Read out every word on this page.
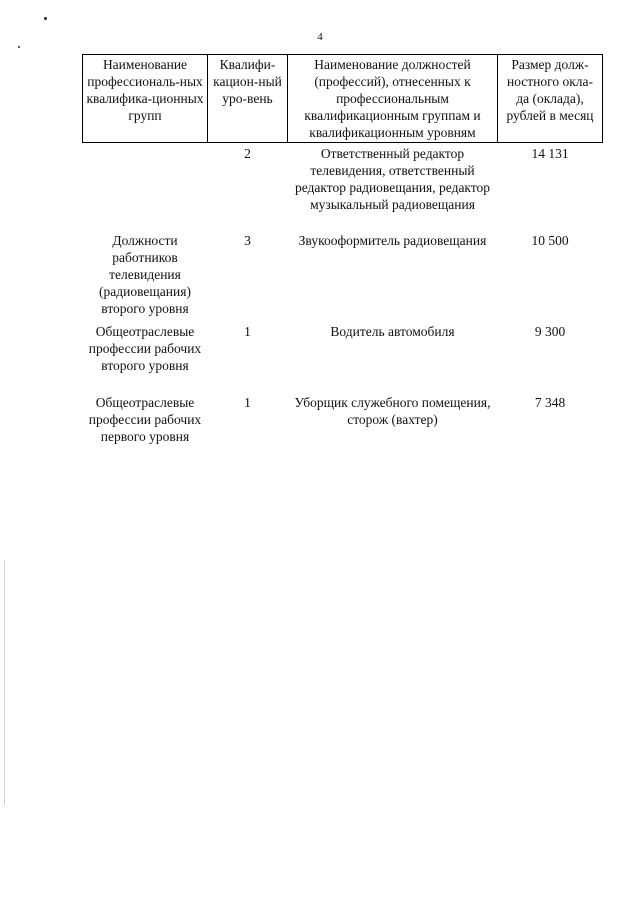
4
Наименование профессиональ-ных квалифика-ционных групп	Квалифи-кацион-ный уро-вень	Наименование должностей (профессий), отнесенных к профессиональным квалификационным группам и квалификационным уровням	Размер долж-ностного окла-да (оклада), рублей в месяц
	2	Ответственный редактор телевидения, ответственный редактор радиовещания, редактор музыкальный радиовещания	14 131
Должности работников телевидения (радиовещания) второго уровня	3	Звукооформитель радиовещания	10 500
Общеотраслевые профессии рабочих второго уровня	1	Водитель автомобиля	9 300
Общеотраслевые профессии рабочих первого уровня	1	Уборщик служебного помещения, сторож (вахтер)	7 348
